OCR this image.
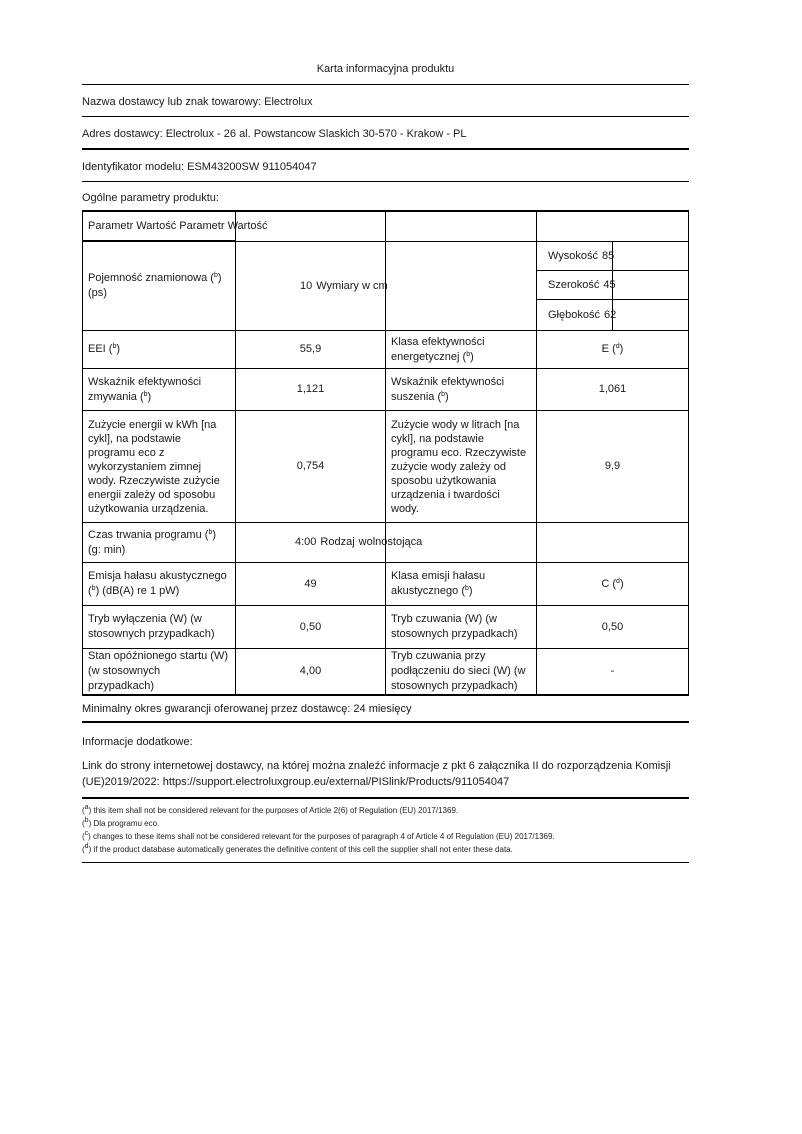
Karta informacyjna produktu
Nazwa dostawcy lub znak towarowy: Electrolux
Adres dostawcy: Electrolux - 26 al. Powstancow Slaskich 30-570 - Krakow - PL
Identyfikator modelu: ESM43200SW 911054047
Ogólne parametry produktu:
Parametr Wartość Parametr Wartość
Pojemność znamionowa ($^b$) (ps)
10 Wymiary w cm
Wysokość 85
Szerokość 45
Głębokość 62
EEI ($^b$)	55,9
Klasa efektywności energetycznej ($^b$)
E ($^d$)
Wskaźnik efektywności zmywania ($^b$)
1,121
Wskaźnik efektywności suszenia ($^b$)
1,061
Zużycie energii w kWh [na cykl], na podstawie programu eco z wykorzystaniem zimnej wody. Rzeczywiste zużycie energii zależy od sposobu użytkowania urządzenia.
0,754
Zużycie wody w litrach [na cykl], na podstawie programu eco. Rzeczywiste zużycie wody zależy od sposobu użytkowania urządzenia i twardości wody.
9,9
Czas trwania programu ($^b$) (g: min)
4:00 Rodzaj wolnostojąca
Emisja hałasu akustycznego ($^b$) (dB(A) re 1 pW)
49
Klasa emisji hałasu akustycznego ($^b$)
C ($^d$)
Tryb wyłączenia (W) (w stosownych przypadkach)
0,50
Tryb czuwania (W) (w stosownych przypadkach)
0,50
Stan opóźnionego startu (W) (w stosownych przypadkach)
4,00
Tryb czuwania przy podłączeniu do sieci (W) (w stosownych przypadkach)
-
Minimalny okres gwarancji oferowanej przez dostawcę: 24 miesięcy
Informacje dodatkowe:
Link do strony internetowej dostawcy, na której można znaleźć informacje z pkt 6 załącznika II do rozporządzenia Komisji (UE)2019/2022: https://support.electroluxgroup.eu/external/PISlink/Products/911054047
($^a$) this item shall not be considered relevant for the purposes of Article 2(6) of Regulation (EU) 2017/1369.
($^b$) Dla programu eco.
($^c$) changes to these items shall not be considered relevant for the purposes of paragraph 4 of Article 4 of Regulation (EU) 2017/1369.
($^d$) if the product database automatically generates the definitive content of this cell the supplier shall not enter these data.
